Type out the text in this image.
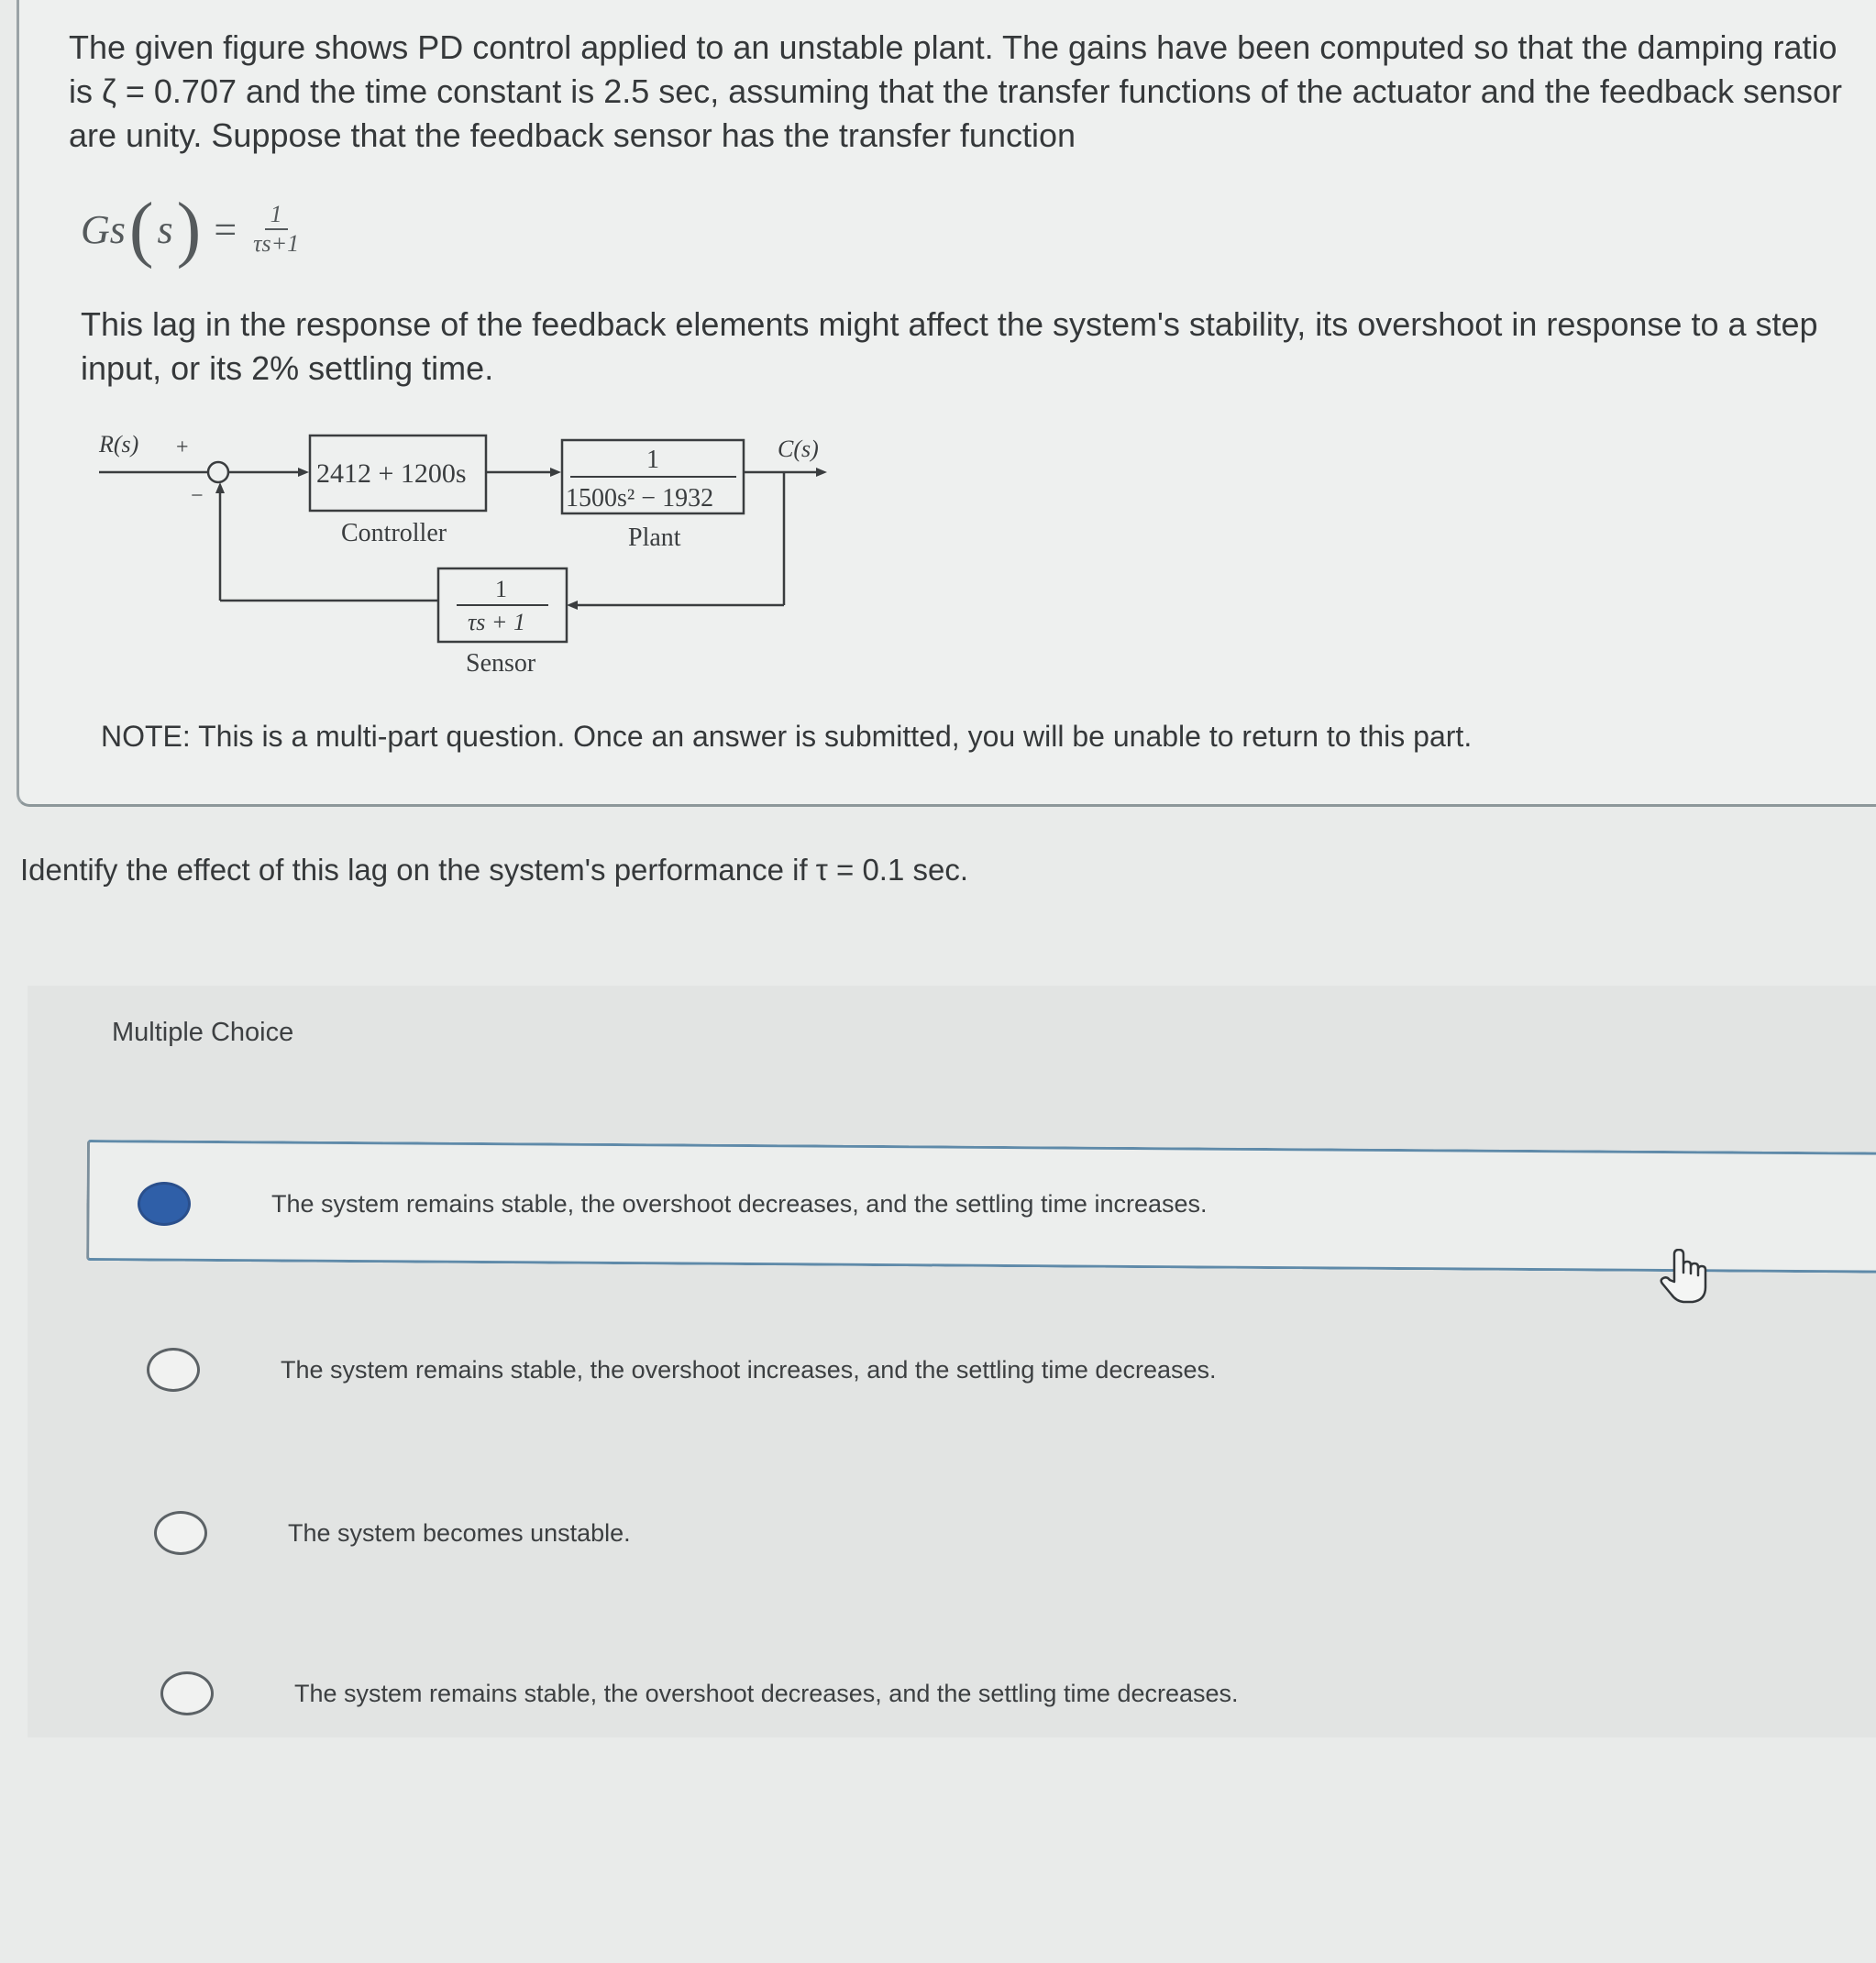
The given figure shows PD control applied to an unstable plant. The gains have been computed so that the damping ratio is ζ = 0.707 and the time constant is 2.5 sec, assuming that the transfer functions of the actuator and the feedback sensor are unity. Suppose that the feedback sensor has the transfer function
Gs ( s ) = $\frac{1}{\tau s+1}$
This lag in the response of the feedback elements might affect the system's stability, its overshoot in response to a step input, or its 2% settling time.
R(s) +
−
2412 + 1200s
Controller
1
1500s² − 1932
Plant
C(s)
1
τs + 1
Sensor
NOTE: This is a multi-part question. Once an answer is submitted, you will be unable to return to this part.
Identify the effect of this lag on the system's performance if τ = 0.1 sec.
Multiple Choice
The system remains stable, the overshoot decreases, and the settling time increases.
The system remains stable, the overshoot increases, and the settling time decreases.
The system becomes unstable.
The system remains stable, the overshoot decreases, and the settling time decreases.
